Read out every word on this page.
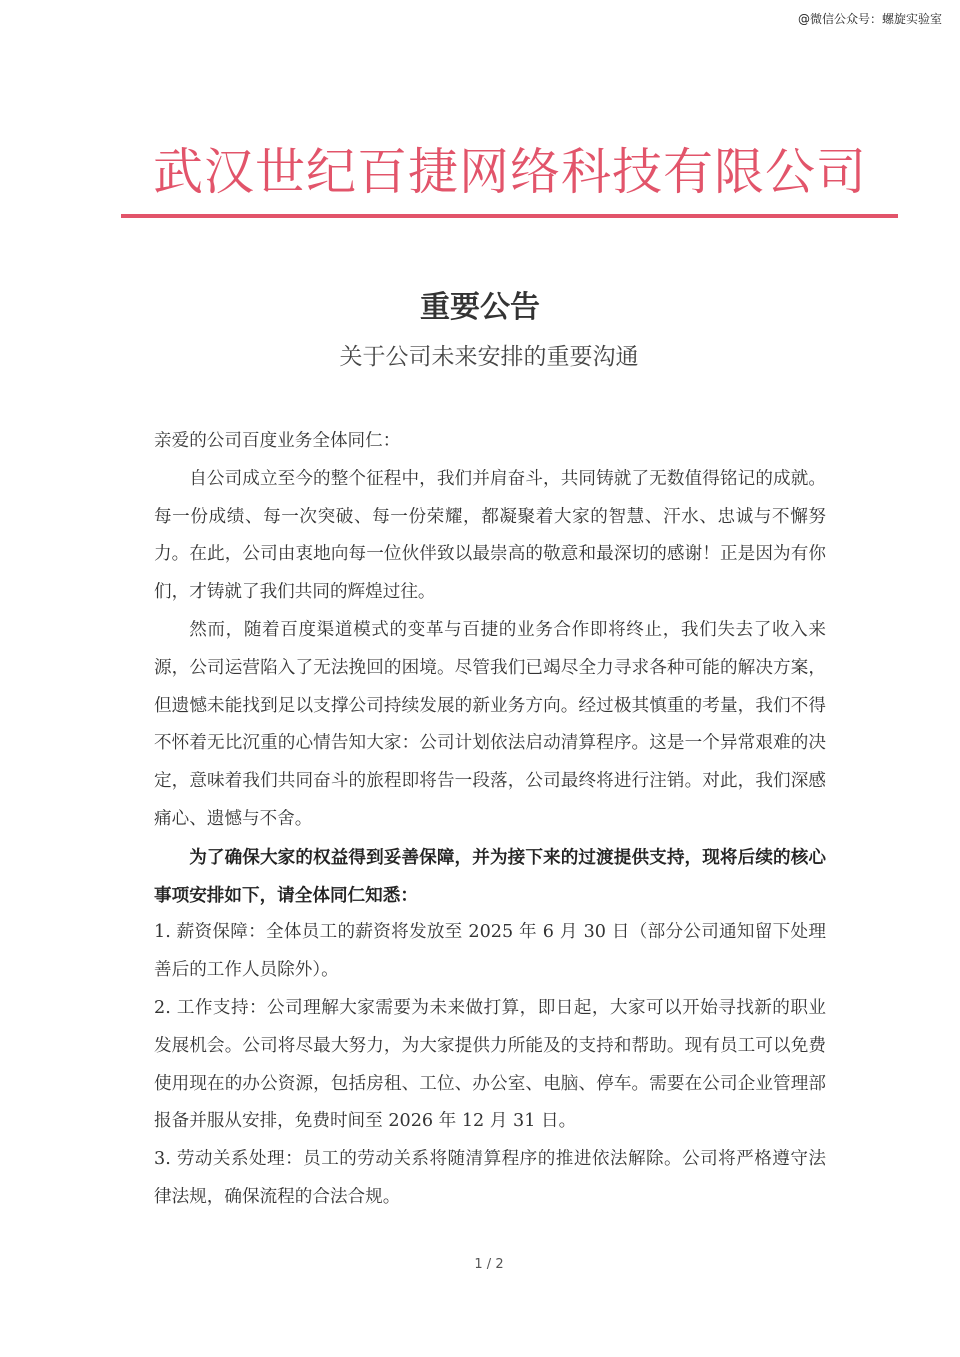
@微信公众号：螺旋实验室
武汉世纪百捷网络科技有限公司
重要公告
关于公司未来安排的重要沟通

亲爱的公司百度业务全体同仁：

自公司成立至今的整个征程中，我们并肩奋斗，共同铸就了无数值得铭记的成就。每一份成绩、每一次突破、每一份荣耀，都凝聚着大家的智慧、汗水、忠诚与不懈努力。在此，公司由衷地向每一位伙伴致以最崇高的敬意和最深切的感谢！正是因为有你们，才铸就了我们共同的辉煌过往。

然而，随着百度渠道模式的变革与百捷的业务合作即将终止，我们失去了收入来源，公司运营陷入了无法挽回的困境。尽管我们已竭尽全力寻求各种可能的解决方案，但遗憾未能找到足以支撑公司持续发展的新业务方向。经过极其慎重的考量，我们不得不怀着无比沉重的心情告知大家：公司计划依法启动清算程序。这是一个异常艰难的决定，意味着我们共同奋斗的旅程即将告一段落，公司最终将进行注销。对此，我们深感痛心、遗憾与不舍。

为了确保大家的权益得到妥善保障，并为接下来的过渡提供支持，现将后续的核心事项安排如下，请全体同仁知悉：

1. 薪资保障：全体员工的薪资将发放至 2025 年 6 月 30 日（部分公司通知留下处理善后的工作人员除外）。

2. 工作支持：公司理解大家需要为未来做打算，即日起，大家可以开始寻找新的职业发展机会。公司将尽最大努力，为大家提供力所能及的支持和帮助。现有员工可以免费使用现在的办公资源，包括房租、工位、办公室、电脑、停车。需要在公司企业管理部报备并服从安排，免费时间至 2026 年 12 月 31 日。

3. 劳动关系处理：员工的劳动关系将随清算程序的推进依法解除。公司将严格遵守法律法规，确保流程的合法合规。

1 / 2
